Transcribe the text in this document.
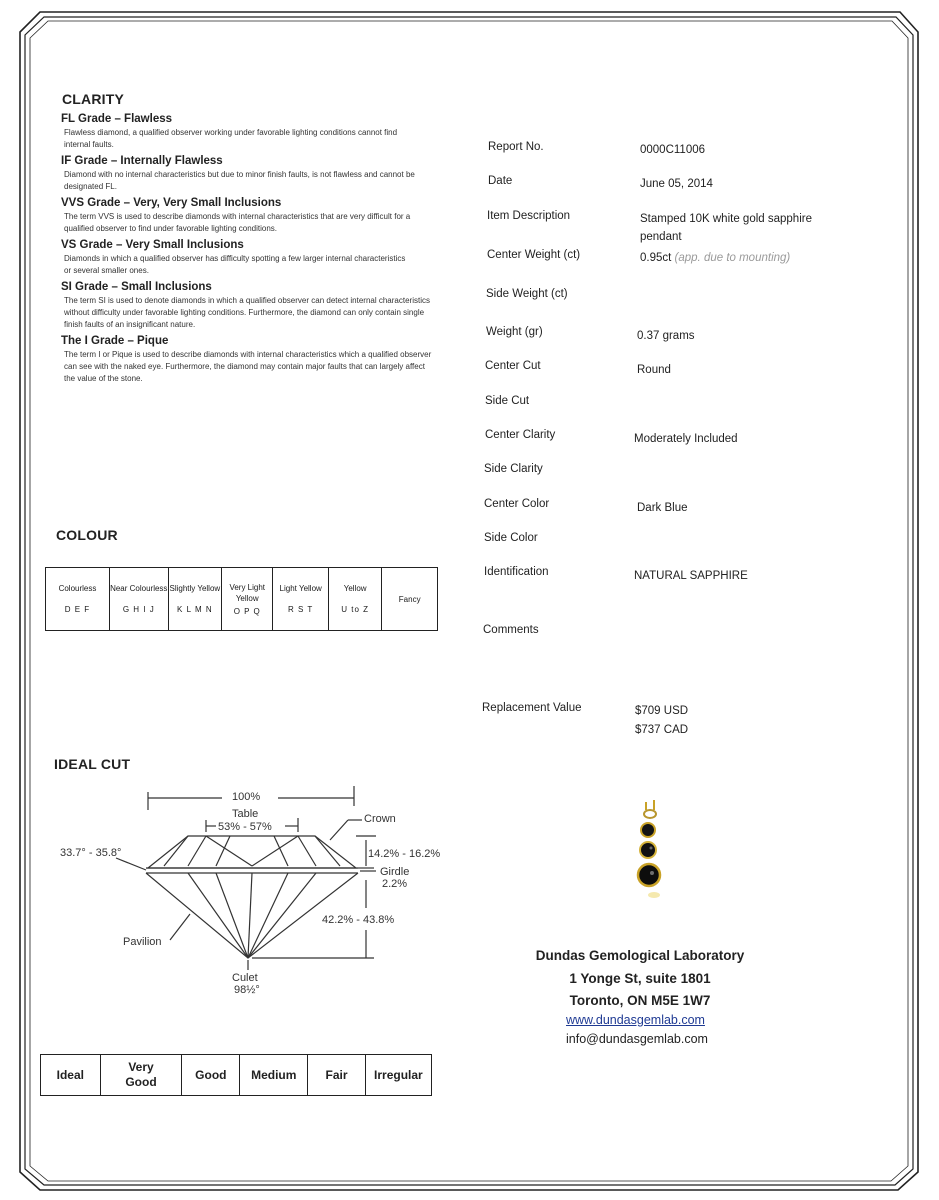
CLARITY

FL Grade – Flawless

Flawless diamond, a qualified observer working under favorable lighting conditions cannot find internal faults.

IF Grade – Internally Flawless

Diamond with no internal characteristics but due to minor finish faults, is not flawless and cannot be designated FL.

VVS Grade – Very, Very Small Inclusions

The term VVS is used to describe diamonds with internal characteristics that are very difficult for a qualified observer to find under favorable lighting conditions.

VS Grade – Very Small Inclusions

Diamonds in which a qualified observer has difficulty spotting a few larger internal characteristics or several smaller ones.

SI Grade – Small Inclusions

The term SI is used to denote diamonds in which a qualified observer can detect internal characteristics without difficulty under favorable lighting conditions. Furthermore, the diamond can only contain single finish faults of an insignificant nature.

The I Grade – Pique

The term I or Pique is used to describe diamonds with internal characteristics which a qualified observer can see with the naked eye. Furthermore, the diamond may contain major faults that can largely affect the value of the stone.

COLOUR
Colourless
D E F
	Near Colourless
G H I J
	Slightly Yellow
K L M N
	Very Light Yellow
O P Q
	Light Yellow
R S T
	Yellow
U to Z
	Fancy
IDEAL CUT
100%
Table
53% - 57%
Crown
33.7° - 35.8°	14.2% - 16.2%
Girdle
2.2%
42.2% - 43.8%
Pavilion
Culet
98½°
Ideal	Very Good	Good	Medium	Fair	Irregular
Report No.	0000C11006
Date	June 05, 2014
Item Description	Stamped 10K white gold sapphire pendant
Center Weight (ct)	0.95ct (app. due to mounting)
Side Weight (ct)
Weight (gr)	0.37 grams
Center Cut	Round
Side Cut
Center Clarity	Moderately Included
Side Clarity
Center Color	Dark Blue
Side Color
Identification	NATURAL SAPPHIRE
Comments
Replacement Value	$709 USD
$737 CAD
Dundas Gemological Laboratory
1 Yonge St, suite 1801
Toronto, ON M5E 1W7
www.dundasgemlab.com
info@dundasgemlab.com
